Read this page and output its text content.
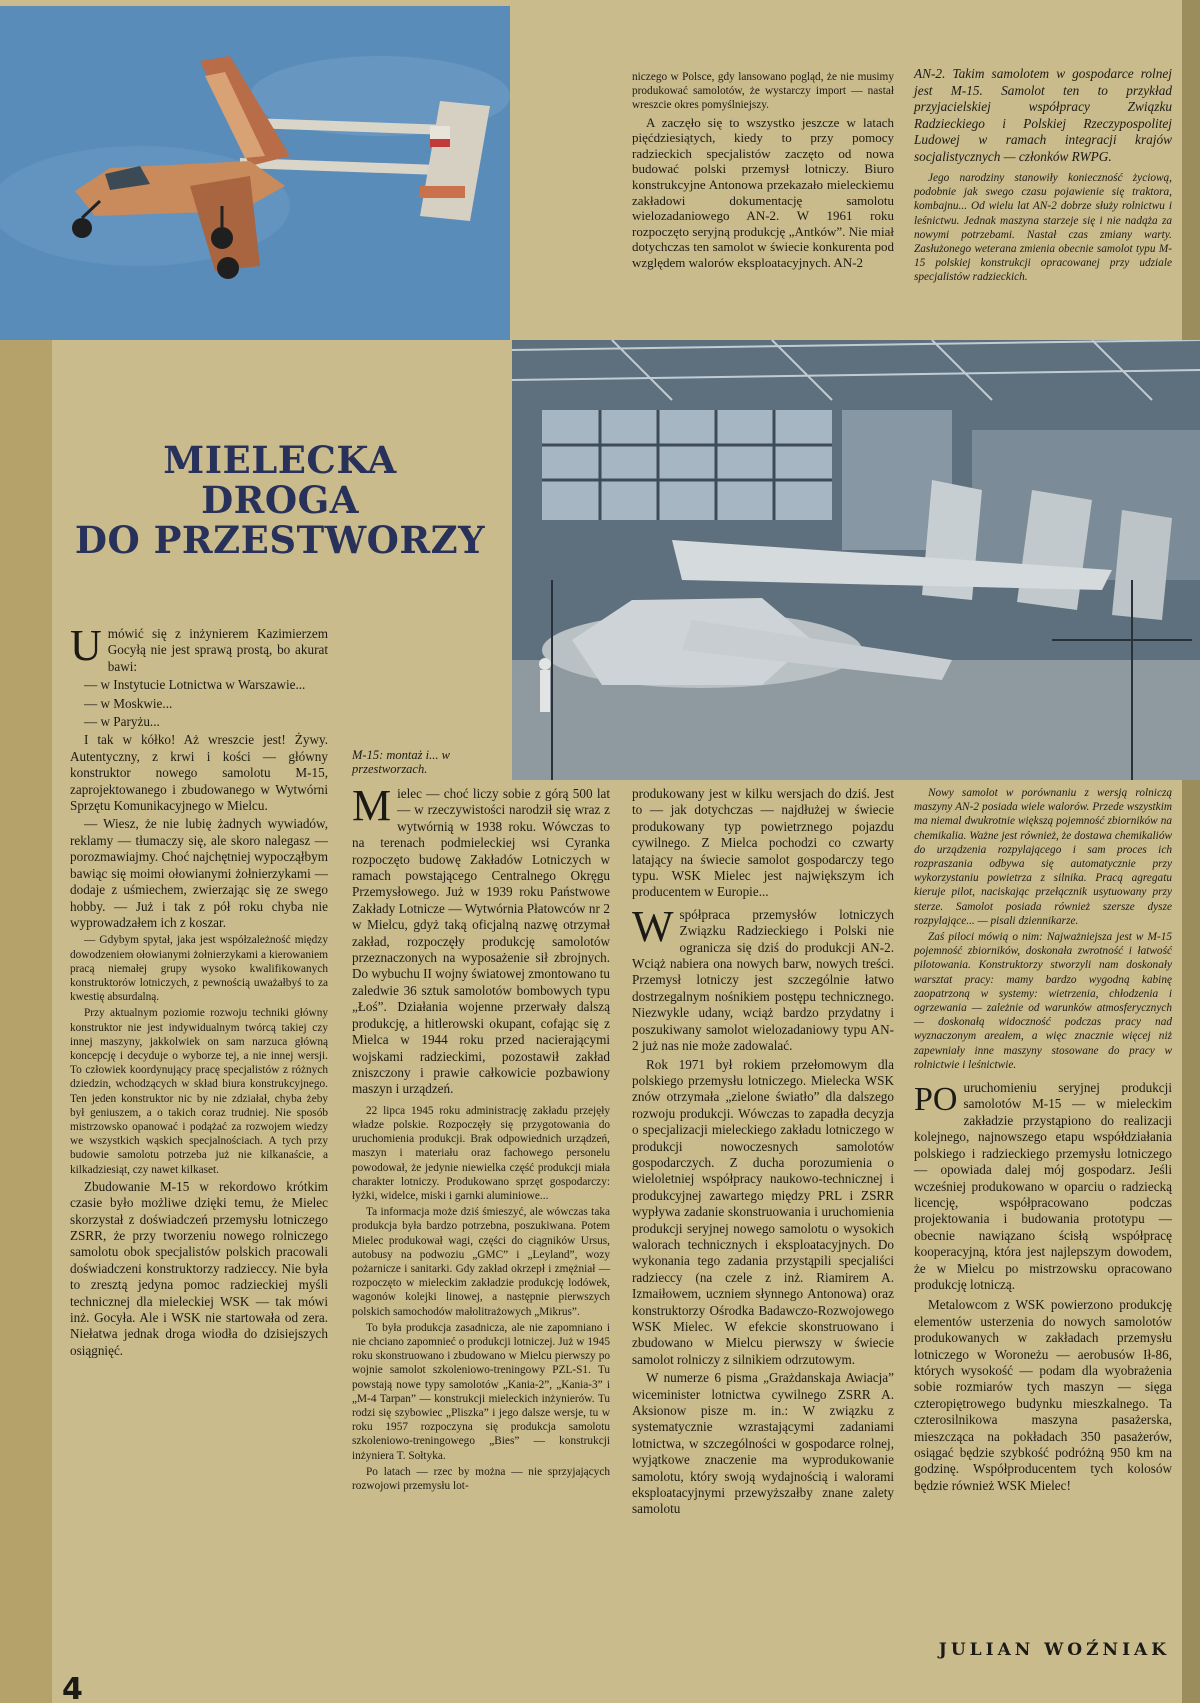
niczego w Polsce, gdy lansowano pogląd, że nie musimy produkować samolotów, że wystarczy import — nastał wreszcie okres pomyślniejszy.

A zaczęło się to wszystko jeszcze w latach pięćdziesiątych, kiedy to przy pomocy radzieckich specjalistów zaczęto od nowa budować polski przemysł lotniczy. Biuro konstrukcyjne Antonowa przekazało mieleckiemu zakładowi dokumentację samolotu wielozadaniowego AN-2. W 1961 roku rozpoczęto seryjną produkcję „Antków”. Nie miał dotychczas ten samolot w świecie konkurenta pod względem walorów eksploatacyjnych. AN-2

AN-2. Takim samolotem w gospodarce rolnej jest M-15. Samolot ten to przykład przyjacielskiej współpracy Związku Radzieckiego i Polskiej Rzeczypospolitej Ludowej w ramach integracji krajów socjalistycznych — członków RWPG.

Jego narodziny stanowiły konieczność życiową, podobnie jak swego czasu pojawienie się traktora, kombajnu... Od wielu lat AN-2 dobrze służy rolnictwu i leśnictwu. Jednak maszyna starzeje się i nie nadąża za nowymi potrzebami. Nastał czas zmiany warty. Zasłużonego weterana zmienia obecnie samolot typu M-15 polskiej konstrukcji opracowanej przy udziale specjalistów radzieckich.

MIELECKA
DROGA
DO PRZESTWORZY
M-15: montaż i... w przestworzach.

Umówić się z inżynierem Kazimierzem Gocyłą nie jest sprawą prostą, bo akurat bawi:

— w Instytucie Lotnictwa w Warszawie...

— w Moskwie...

— w Paryżu...

I tak w kółko! Aż wreszcie jest! Żywy. Autentyczny, z krwi i kości — główny konstruktor nowego samolotu M-15, zaprojektowanego i zbudowanego w Wytwórni Sprzętu Komunikacyjnego w Mielcu.

— Wiesz, że nie lubię żadnych wywiadów, reklamy — tłumaczy się, ale skoro nalegasz — porozmawiajmy. Choć najchętniej wypocząłbym bawiąc się moimi ołowianymi żołnierzykami — dodaje z uśmiechem, zwierzając się ze swego hobby. — Już i tak z pół roku chyba nie wyprowadzałem ich z koszar.

— Gdybym spytał, jaka jest współzależność między dowodzeniem ołowianymi żołnierzykami a kierowaniem pracą niemałej grupy wysoko kwalifikowanych konstruktorów lotniczych, z pewnością uważałbyś to za kwestię absurdalną.

Przy aktualnym poziomie rozwoju techniki główny konstruktor nie jest indywidualnym twórcą takiej czy innej maszyny, jakkolwiek on sam narzuca główną koncepcję i decyduje o wyborze tej, a nie innej wersji. To człowiek koordynujący pracę specjalistów z różnych dziedzin, wchodzących w skład biura konstrukcyjnego. Ten jeden konstruktor nic by nie zdziałał, chyba żeby był geniuszem, a o takich coraz trudniej. Nie sposób mistrzowsko opanować i podążać za rozwojem wiedzy we wszystkich wąskich specjalnościach. A tych przy budowie samolotu potrzeba już nie kilkanaście, a kilkadziesiąt, czy nawet kilkaset.

Zbudowanie M-15 w rekordowo krótkim czasie było możliwe dzięki temu, że Mielec skorzystał z doświadczeń przemysłu lotniczego ZSRR, że przy tworzeniu nowego rolniczego samolotu obok specjalistów polskich pracowali doświadczeni konstruktorzy radzieccy. Nie była to zresztą jedyna pomoc radzieckiej myśli technicznej dla mieleckiej WSK — tak mówi inż. Gocyła. Ale i WSK nie startowała od zera. Niełatwa jednak droga wiodła do dzisiejszych osiągnięć.

Mielec — choć liczy sobie z górą 500 lat — w rzeczywistości narodził się wraz z wytwórnią w 1938 roku. Wówczas to na terenach podmieleckiej wsi Cyranka rozpoczęto budowę Zakładów Lotniczych w ramach powstającego Centralnego Okręgu Przemysłowego. Już w 1939 roku Państwowe Zakłady Lotnicze — Wytwórnia Płatowców nr 2 w Mielcu, gdyż taką oficjalną nazwę otrzymał zakład, rozpoczęły produkcję samolotów przeznaczonych na wyposażenie sił zbrojnych. Do wybuchu II wojny światowej zmontowano tu zaledwie 36 sztuk samolotów bombowych typu „Łoś”. Działania wojenne przerwały dalszą produkcję, a hitlerowski okupant, cofając się z Mielca w 1944 roku przed nacierającymi wojskami radzieckimi, pozostawił zakład zniszczony i prawie całkowicie pozbawiony maszyn i urządzeń.

22 lipca 1945 roku administrację zakładu przejęły władze polskie. Rozpoczęły się przygotowania do uruchomienia produkcji. Brak odpowiednich urządzeń, maszyn i materiału oraz fachowego personelu powodował, że jedynie niewielka część produkcji miała charakter lotniczy. Produkowano sprzęt gospodarczy: łyżki, widelce, miski i garnki aluminiowe...

Ta informacja może dziś śmieszyć, ale wówczas taka produkcja była bardzo potrzebna, poszukiwana. Potem Mielec produkował wagi, części do ciągników Ursus, autobusy na podwoziu „GMC” i „Leyland”, wozy pożarnicze i sanitarki. Gdy zakład okrzepł i zmężniał — rozpoczęto w mieleckim zakładzie produkcję lodówek, wagonów kolejki linowej, a następnie pierwszych polskich samochodów małolitrażowych „Mikrus”.

To była produkcja zasadnicza, ale nie zapomniano i nie chciano zapomnieć o produkcji lotniczej. Już w 1945 roku skonstruowano i zbudowano w Mielcu pierwszy po wojnie samolot szkoleniowo-treningowy PZL-S1. Tu powstają nowe typy samolotów „Kania-2”, „Kania-3” i „M-4 Tarpan” — konstrukcji mieleckich inżynierów. Tu rodzi się szybowiec „Pliszka” i jego dalsze wersje, tu w roku 1957 rozpoczyna się produkcja samolotu szkoleniowo-treningowego „Bies” — konstrukcji inżyniera T. Sołtyka.

Po latach — rzec by można — nie sprzyjających rozwojowi przemysłu lot-

produkowany jest w kilku wersjach do dziś. Jest to — jak dotychczas — najdłużej w świecie produkowany typ powietrznego pojazdu cywilnego. Z Mielca pochodzi co czwarty latający na świecie samolot gospodarczy tego typu. WSK Mielec jest największym ich producentem w Europie...

Współpraca przemysłów lotniczych Związku Radzieckiego i Polski nie ogranicza się dziś do produkcji AN-2. Wciąż nabiera ona nowych barw, nowych treści. Przemysł lotniczy jest szczególnie łatwo dostrzegalnym nośnikiem postępu technicznego. Niezwykle udany, wciąż bardzo przydatny i poszukiwany samolot wielozadaniowy typu AN-2 już nas nie może zadowalać.

Rok 1971 był rokiem przełomowym dla polskiego przemysłu lotniczego. Mielecka WSK znów otrzymała „zielone światło” dla dalszego rozwoju produkcji. Wówczas to zapadła decyzja o specjalizacji mieleckiego zakładu lotniczego w produkcji nowoczesnych samolotów gospodarczych. Z ducha porozumienia o wieloletniej współpracy naukowo-technicznej i produkcyjnej zawartego między PRL i ZSRR wypływa zadanie skonstruowania i uruchomienia produkcji seryjnej nowego samolotu o wysokich walorach technicznych i eksploatacyjnych. Do wykonania tego zadania przystąpili specjaliści radzieccy (na czele z inż. Riamirem A. Izmaiłowem, uczniem słynnego Antonowa) oraz konstruktorzy Ośrodka Badawczo-Rozwojowego WSK Mielec. W efekcie skonstruowano i zbudowano w Mielcu pierwszy w świecie samolot rolniczy z silnikiem odrzutowym.

W numerze 6 pisma „Grażdanskaja Awiacja” wiceminister lotnictwa cywilnego ZSRR A. Aksionow pisze m. in.: W związku z systematycznie wzrastającymi zadaniami lotnictwa, w szczególności w gospodarce rolnej, wyjątkowe znaczenie ma wyprodukowanie samolotu, który swoją wydajnością i walorami eksploatacyjnymi przewyższałby znane zalety samolotu

Nowy samolot w porównaniu z wersją rolniczą maszyny AN-2 posiada wiele walorów. Przede wszystkim ma niemal dwukrotnie większą pojemność zbiorników na chemikalia. Ważne jest również, że dostawa chemikaliów do urządzenia rozpylającego i sam proces ich rozpraszania odbywa się automatycznie przy wykorzystaniu powietrza z silnika. Pracą agregatu kieruje pilot, naciskając przełącznik usytuowany przy sterze. Samolot posiada również szersze dysze rozpylające... — pisali dziennikarze.

Zaś piloci mówią o nim: Najważniejsza jest w M-15 pojemność zbiorników, doskonała zwrotność i łatwość pilotowania. Konstruktorzy stworzyli nam doskonały warsztat pracy: mamy bardzo wygodną kabinę zaopatrzoną w systemy: wietrzenia, chłodzenia i ogrzewania — zależnie od warunków atmosferycznych — doskonałą widoczność podczas pracy nad wyznaczonym areałem, a więc znacznie więcej niż zapewniały inne maszyny stosowane do pracy w rolnictwie i leśnictwie.

PO uruchomieniu seryjnej produkcji samolotów M-15 — w mieleckim zakładzie przystąpiono do realizacji kolejnego, najnowszego etapu współdziałania polskiego i radzieckiego przemysłu lotniczego — opowiada dalej mój gospodarz. Jeśli wcześniej produkowano w oparciu o radziecką licencję, współpracowano podczas projektowania i budowania prototypu — obecnie nawiązano ścisłą współpracę kooperacyjną, która jest najlepszym dowodem, że w Mielcu po mistrzowsku opracowano produkcję lotniczą.

Metalowcom z WSK powierzono produkcję elementów usterzenia do nowych samolotów produkowanych w zakładach przemysłu lotniczego w Woroneżu — aerobusów Ił-86, których wysokość — podam dla wyobrażenia sobie rozmiarów tych maszyn — sięga czteropiętrowego budynku mieszkalnego. Ta czterosilnikowa maszyna pasażerska, mieszcząca na pokładach 350 pasażerów, osiągać będzie szybkość podróżną 950 km na godzinę. Współproducentem tych kolosów będzie również WSK Mielec!

JULIAN WOŹNIAK
4
